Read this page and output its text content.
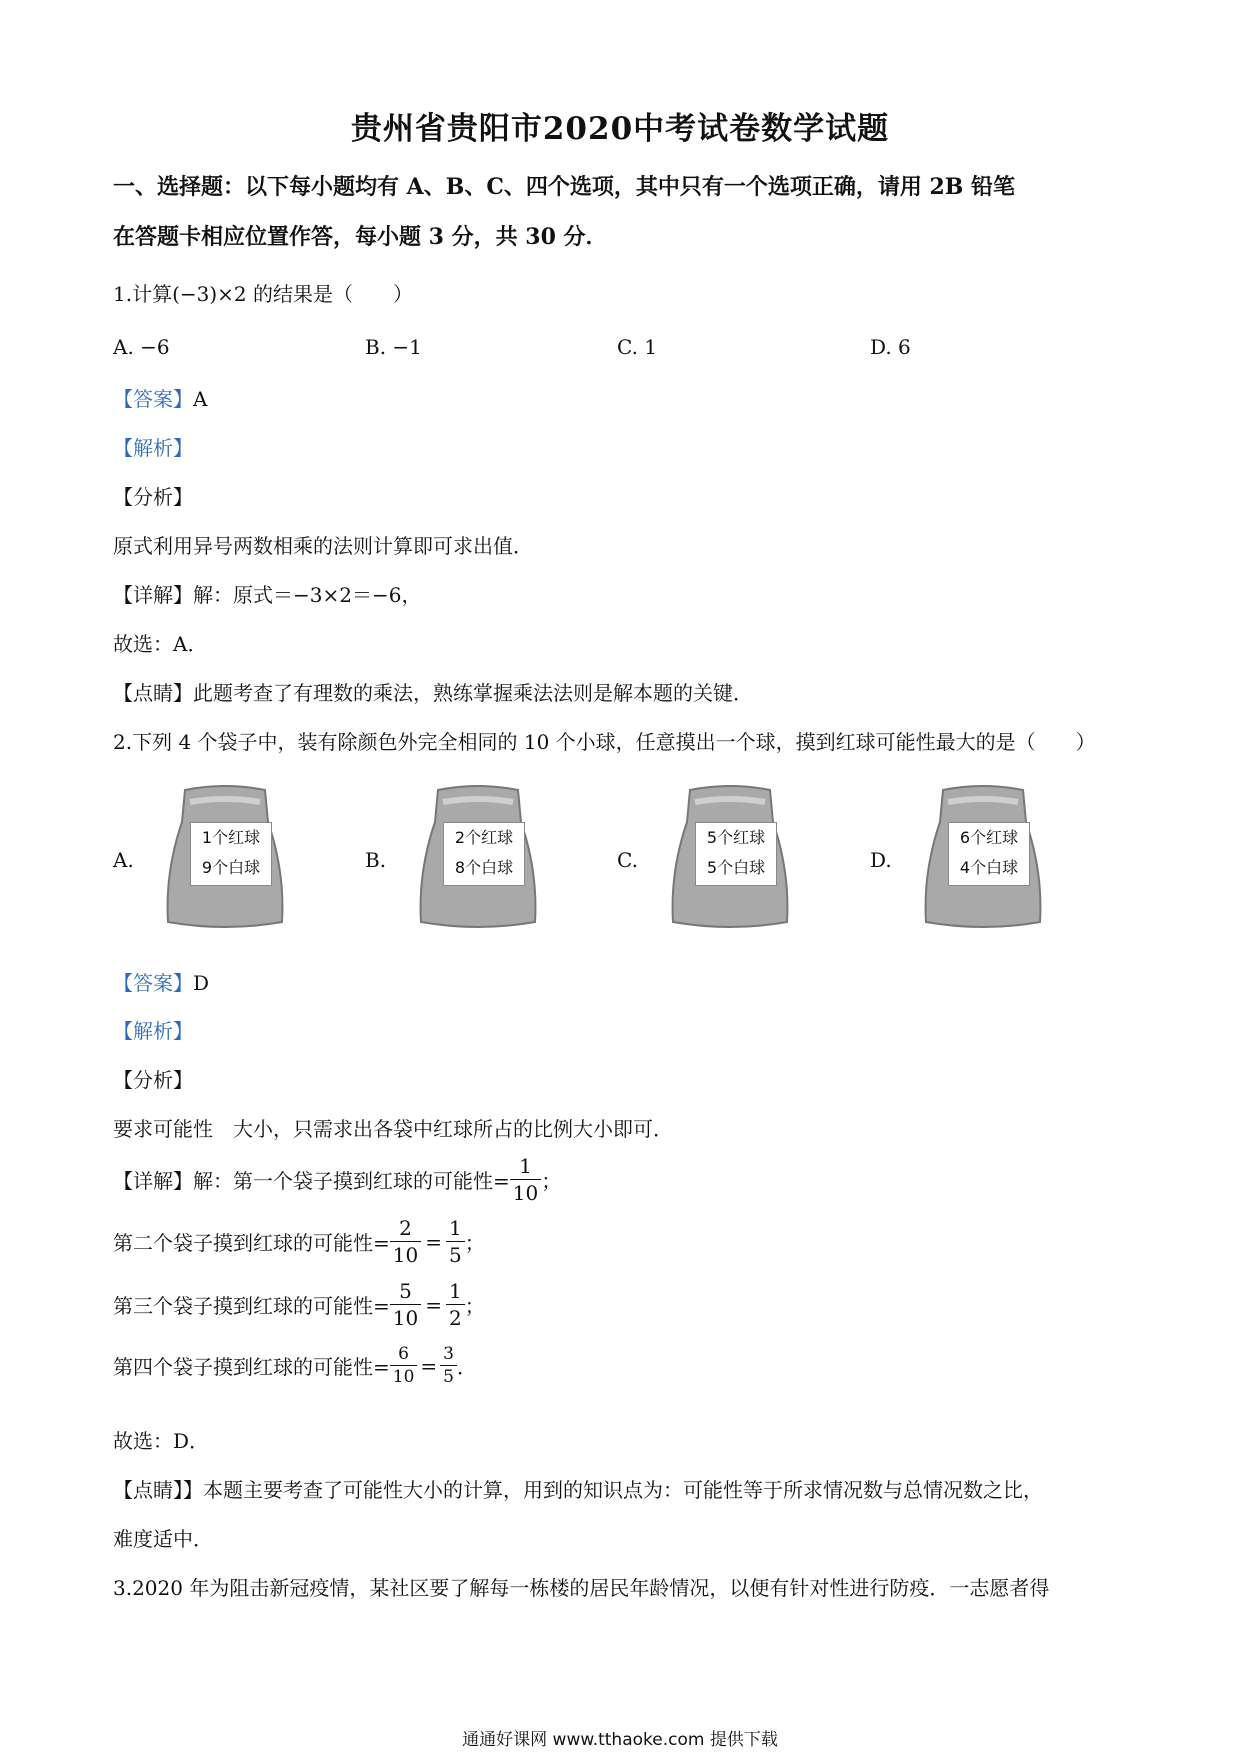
贵州省贵阳市2020中考试卷数学试题
一、选择题：以下每小题均有 A、B、C、四个选项，其中只有一个选项正确，请用 2B 铅笔
在答题卡相应位置作答，每小题 3 分，共 30 分．
1.计算(−3)×2 的结果是（　　）
A. −6	B. −1	C. 1	D. 6
【答案】A
【解析】
【分析】
原式利用异号两数相乘的法则计算即可求出值．
【详解】解：原式＝−3×2＝−6，
故选：A．
【点睛】此题考查了有理数的乘法，熟练掌握乘法法则是解本题的关键．
2.下列 4 个袋子中，装有除颜色外完全相同的 10 个小球，任意摸出一个球，摸到红球可能性最大的是（　　）
A.
1个红球
9个白球	B.
2个红球
8个白球	C.
5个红球
5个白球	D.
6个红球
4个白球
【答案】D
【解析】
【分析】
要求可能性　大小，只需求出各袋中红球所占的比例大小即可．
【详解】解：第一个袋子摸到红球的可能性= $\frac{1}{10}$ ；
第二个袋子摸到红球的可能性= $\frac{2}{10} = \frac{1}{5}$ ；
第三个袋子摸到红球的可能性= $\frac{5}{10} = \frac{1}{2}$ ；
第四个袋子摸到红球的可能性= $\frac{6}{10} = \frac{3}{5}$ ．
故选：D．
【点睛】】本题主要考查了可能性大小的计算，用到的知识点为：可能性等于所求情况数与总情况数之比，
难度适中．
3.2020 年为阻击新冠疫情，某社区要了解每一栋楼的居民年龄情况，以便有针对性进行防疫．一志愿者得
通通好课网 www.tthaoke.com 提供下载
